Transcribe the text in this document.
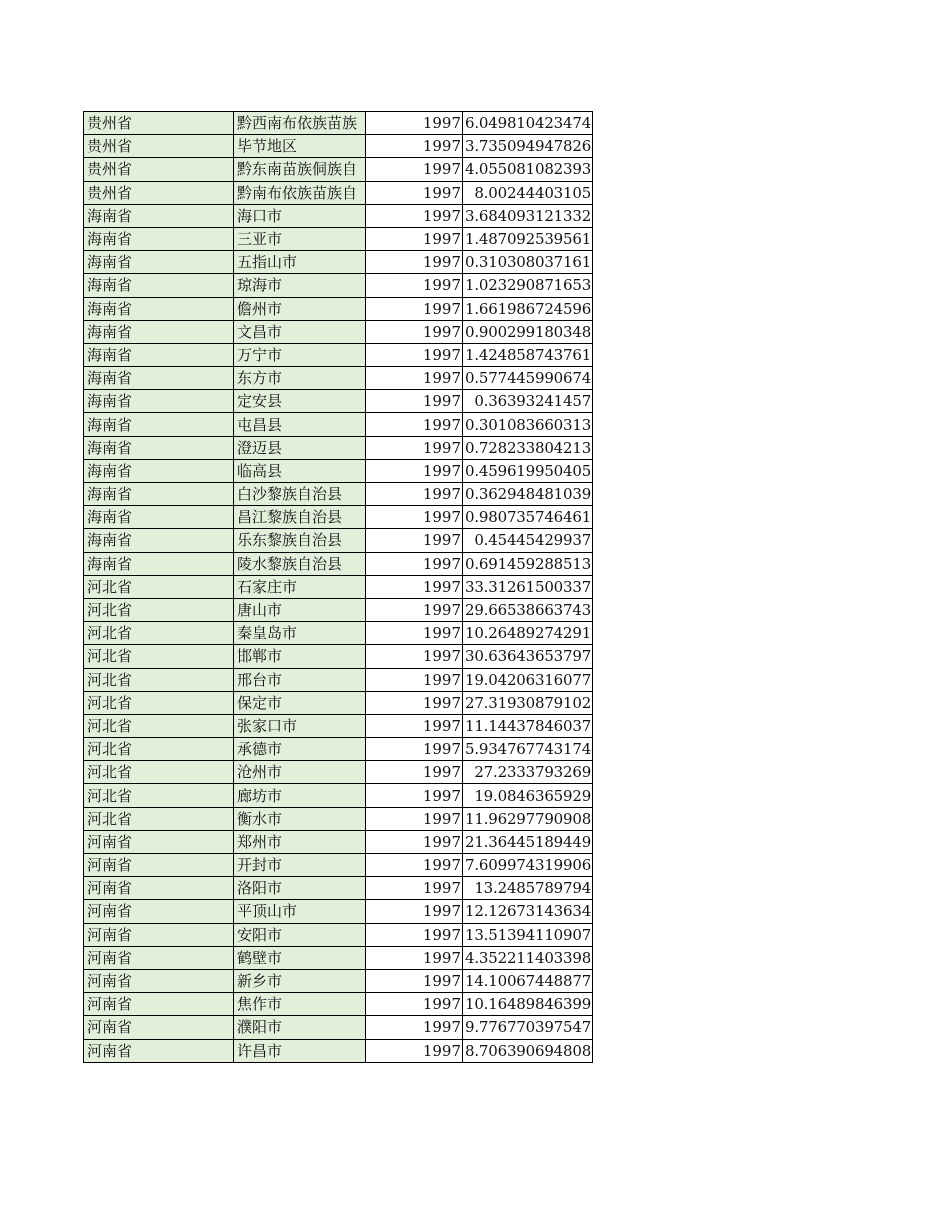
贵州省	黔西南布依族苗族	1997	6.049810423474
贵州省	毕节地区	1997	3.735094947826
贵州省	黔东南苗族侗族自	1997	4.055081082393
贵州省	黔南布依族苗族自	1997	8.00244403105
海南省	海口市	1997	3.684093121332
海南省	三亚市	1997	1.487092539561
海南省	五指山市	1997	0.310308037161
海南省	琼海市	1997	1.023290871653
海南省	儋州市	1997	1.661986724596
海南省	文昌市	1997	0.900299180348
海南省	万宁市	1997	1.424858743761
海南省	东方市	1997	0.577445990674
海南省	定安县	1997	0.36393241457
海南省	屯昌县	1997	0.301083660313
海南省	澄迈县	1997	0.728233804213
海南省	临高县	1997	0.459619950405
海南省	白沙黎族自治县	1997	0.362948481039
海南省	昌江黎族自治县	1997	0.980735746461
海南省	乐东黎族自治县	1997	0.45445429937
海南省	陵水黎族自治县	1997	0.691459288513
河北省	石家庄市	1997	33.31261500337
河北省	唐山市	1997	29.66538663743
河北省	秦皇岛市	1997	10.26489274291
河北省	邯郸市	1997	30.63643653797
河北省	邢台市	1997	19.04206316077
河北省	保定市	1997	27.31930879102
河北省	张家口市	1997	11.14437846037
河北省	承德市	1997	5.934767743174
河北省	沧州市	1997	27.2333793269
河北省	廊坊市	1997	19.0846365929
河北省	衡水市	1997	11.96297790908
河南省	郑州市	1997	21.36445189449
河南省	开封市	1997	7.609974319906
河南省	洛阳市	1997	13.2485789794
河南省	平顶山市	1997	12.12673143634
河南省	安阳市	1997	13.51394110907
河南省	鹤壁市	1997	4.352211403398
河南省	新乡市	1997	14.10067448877
河南省	焦作市	1997	10.16489846399
河南省	濮阳市	1997	9.776770397547
河南省	许昌市	1997	8.706390694808
